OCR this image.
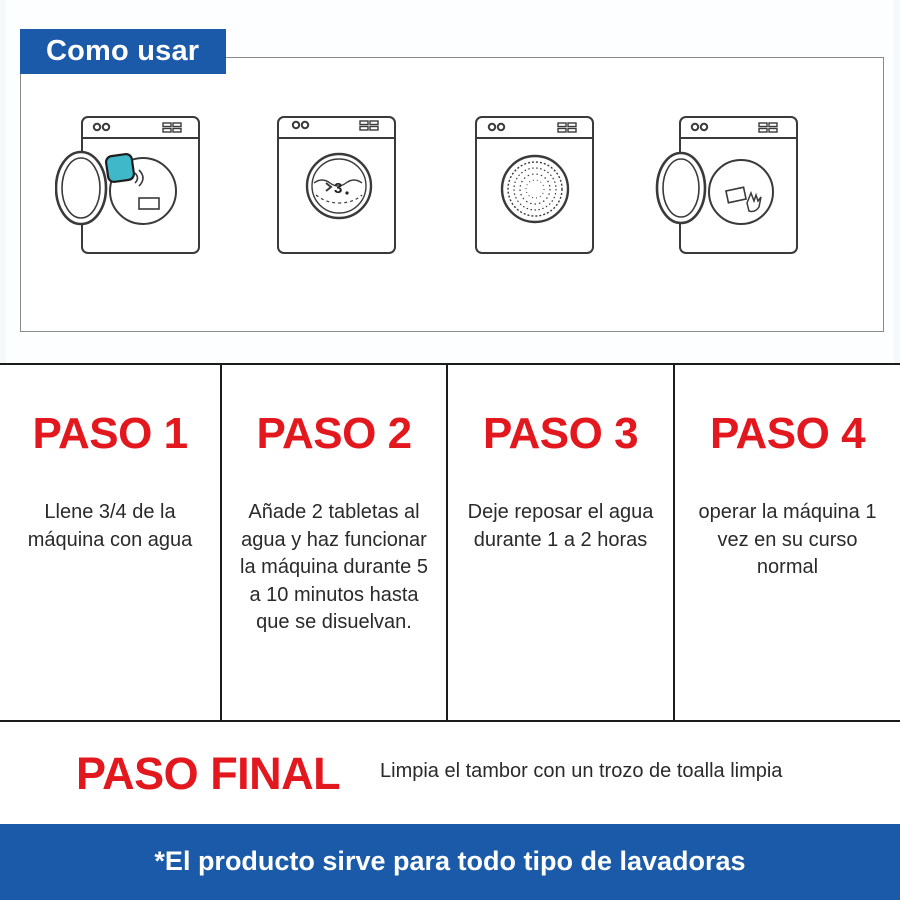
Como usar
3
PASO 1
Llene 3/4 de la máquina con agua
PASO 2
Añade 2 tabletas al agua y haz funcionar la máquina durante 5 a 10 minutos hasta que se disuelvan.
PASO 3
Deje reposar el agua durante 1 a 2 horas
PASO 4
operar la máquina 1 vez en su curso normal
PASO FINAL Limpia el tambor con un trozo de toalla limpia
*El producto sirve para todo tipo de lavadoras
